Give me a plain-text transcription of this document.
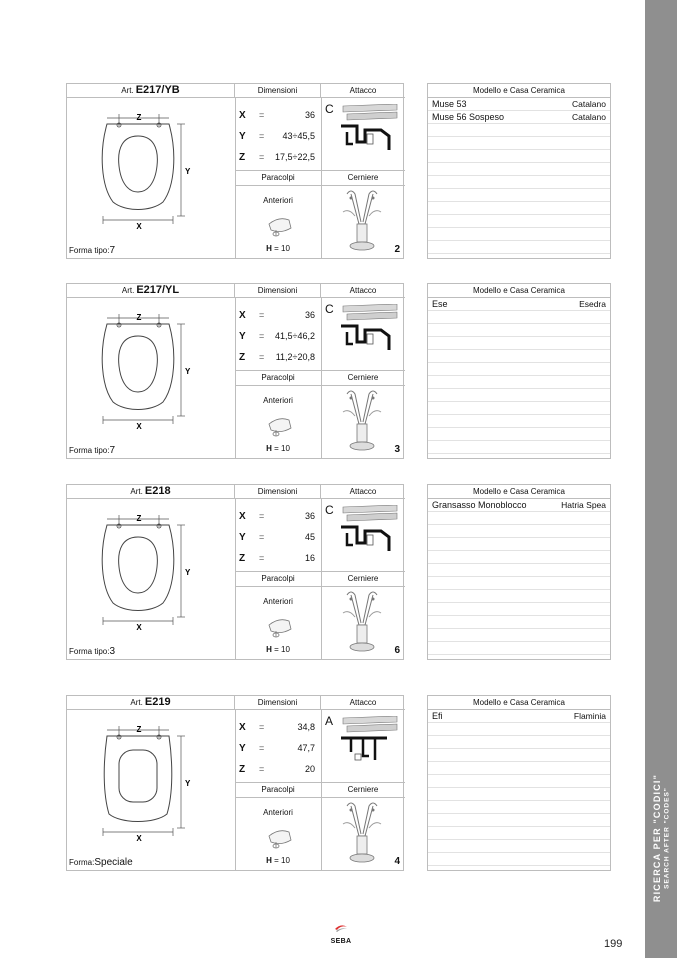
RICERCA PER "CODICI" SEARCH AFTER "CODES"
Art. E217/YB	Dimensioni	Attacco
Z
Y
X
Forma tipo:7
X =	36
Y = 43÷45,5
Z = 17,5÷22,5
Paracolpi	Cerniere
Anteriori
H = 10
C
2
Modello e Casa Ceramica
Muse 53	Catalano
Muse 56 Sospeso	Catalano
Art. E217/YL	Dimensioni	Attacco
Z
Y
X
Forma tipo:7
X =	36
Y = 41,5÷46,2
Z = 11,2÷20,8
Paracolpi	Cerniere
Anteriori
H = 10
C
3
Modello e Casa Ceramica
Ese	Esedra
Art. E218	Dimensioni	Attacco
Z
Y
X
Forma tipo:3
X =	36
Y =	45
Z =	16
Paracolpi	Cerniere
Anteriori
H = 10
C
6
Modello e Casa Ceramica
Gransasso Monoblocco	Hatria Spea
Art. E219	Dimensioni	Attacco
Z
Y
X
Forma:Speciale
X =	34,8
Y =	47,7
Z =	20
Paracolpi	Cerniere
Anteriori
H = 10
A
4
Modello e Casa Ceramica
Efi	Flaminia
SEBA	199
